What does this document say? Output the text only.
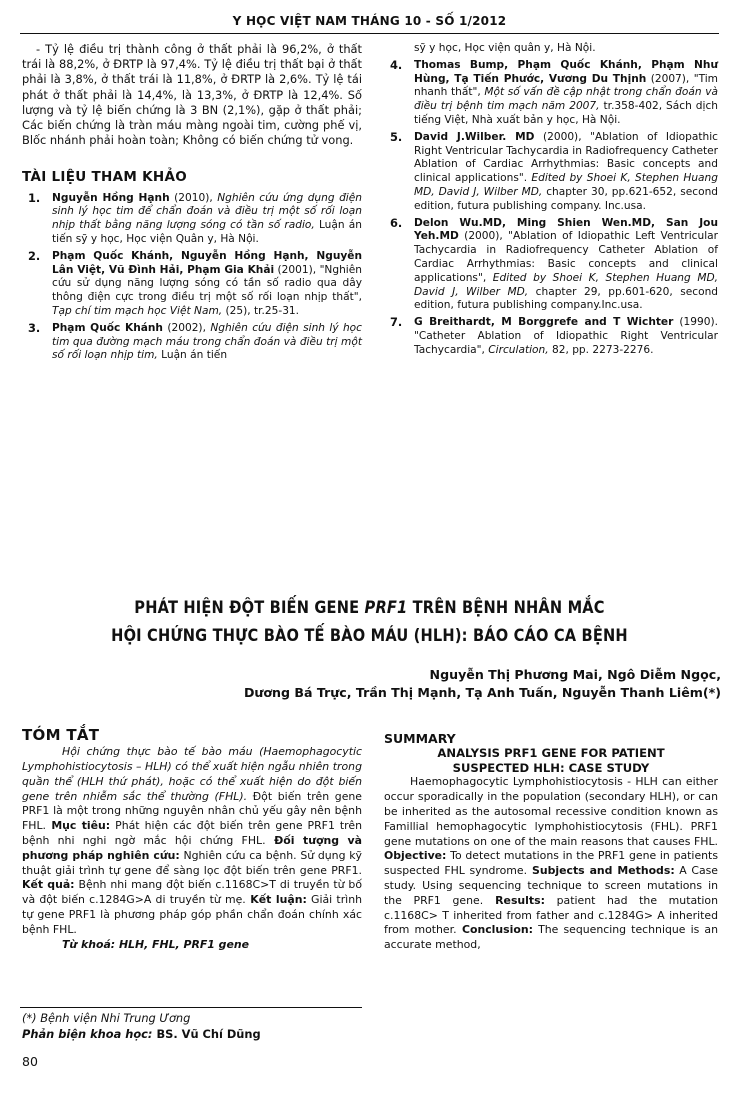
Y HỌC VIỆT NAM THÁNG 10 - SỐ 1/2012

- Tỷ lệ điều trị thành công ở thất phải là 96,2%, ở thất trái là 88,2%, ở ĐRTP là 97,4%. Tỷ lệ điều trị thất bại ở thất phải là 3,8%, ở thất trái là 11,8%, ở ĐRTP là 2,6%. Tỷ lệ tái phát ở thất phải là 14,4%, là 13,3%, ở ĐRTP là 12,4%. Số lượng và tỷ lệ biến chứng là 3 BN (2,1%), gặp ở thất phải; Các biến chứng là tràn máu màng ngoài tim, cường phế vị, Blốc nhánh phải hoàn toàn; Không có biến chứng tử vong.

TÀI LIỆU THAM KHẢO
1. Nguyễn Hồng Hạnh (2010), Nghiên cứu ứng dụng điện sinh lý học tim để chẩn đoán và điều trị một số rối loạn nhịp thất bằng năng lượng sóng có tần số radio, Luận án tiến sỹ y học, Học viện Quân y, Hà Nội.
2. Phạm Quốc Khánh, Nguyễn Hồng Hạnh, Nguyễn Lân Việt, Vũ Đình Hải, Phạm Gia Khải (2001), "Nghiên cứu sử dụng năng lượng sóng có tần số radio qua dây thông điện cực trong điều trị một số rối loạn nhịp thất", Tạp chí tim mạch học Việt Nam, (25), tr.25-31.
3. Phạm Quốc Khánh (2002), Nghiên cứu điện sinh lý học tim qua đường mạch máu trong chẩn đoán và điều trị một số rối loạn nhịp tim, Luận án tiến
sỹ y học, Học viện quân y, Hà Nội.
4. Thomas Bump, Phạm Quốc Khánh, Phạm Như Hùng, Tạ Tiến Phước, Vương Du Thịnh (2007), "Tim nhanh thất", Một số vấn đề cập nhật trong chẩn đoán và điều trị bệnh tim mạch năm 2007, tr.358-402, Sách dịch tiếng Việt, Nhà xuất bản y học, Hà Nội.
5. David J.Wilber. MD (2000), "Ablation of Idiopathic Right Ventricular Tachycardia in Radiofrequency Catheter Ablation of Cardiac Arrhythmias: Basic concepts and clinical applications". Edited by Shoei K, Stephen Huang MD, David J, Wilber MD, chapter 30, pp.621-652, second edition, futura publishing company. Inc.usa.
6. Delon Wu.MD, Ming Shien Wen.MD, San Jou Yeh.MD (2000), "Ablation of Idiopathic Left Ventricular Tachycardia in Radiofrequency Catheter Ablation of Cardiac Arrhythmias: Basic concepts and clinical applications", Edited by Shoei K, Stephen Huang MD, David J, Wilber MD, chapter 29, pp.601-620, second edition, futura publishing company.Inc.usa.
7. G Breithardt, M Borggrefe and T Wichter (1990). "Catheter Ablation of Idiopathic Right Ventricular Tachycardia", Circulation, 82, pp. 2273-2276.
PHÁT HIỆN ĐỘT BIẾN GENE PRF1 TRÊN BỆNH NHÂN MẮC
HỘI CHỨNG THỰC BÀO TẾ BÀO MÁU (HLH): BÁO CÁO CA BỆNH
Nguyễn Thị Phương Mai, Ngô Diễm Ngọc,
Dương Bá Trực, Trần Thị Mạnh, Tạ Anh Tuấn, Nguyễn Thanh Liêm(*)
TÓM TẮT

Hội chứng thực bào tế bào máu (Haemophagocytic Lymphohistiocytosis – HLH) có thể xuất hiện ngẫu nhiên trong quần thể (HLH thứ phát), hoặc có thể xuất hiện do đột biến gene trên nhiễm sắc thể thường (FHL). Đột biến trên gene PRF1 là một trong những nguyên nhân chủ yếu gây nên bệnh FHL. Mục tiêu: Phát hiện các đột biến trên gene PRF1 trên bệnh nhi nghi ngờ mắc hội chứng FHL. Đối tượng và phương pháp nghiên cứu: Nghiên cứu ca bệnh. Sử dụng kỹ thuật giải trình tự gene để sàng lọc đột biến trên gene PRF1. Kết quả: Bệnh nhi mang đột biến c.1168C>T di truyền từ bố và đột biến c.1284G>A di truyền từ mẹ. Kết luận: Giải trình tự gene PRF1 là phương pháp góp phần chẩn đoán chính xác bệnh FHL.

Từ khoá: HLH, FHL, PRF1 gene

SUMMARY
ANALYSIS PRF1 GENE FOR PATIENT
SUSPECTED HLH: CASE STUDY

Haemophagocytic Lymphohistiocytosis - HLH can either occur sporadically in the population (secondary HLH), or can be inherited as the autosomal recessive condition known as Famillial hemophagocytic lymphohistiocytosis (FHL). PRF1 gene mutations on one of the main reasons that causes FHL. Objective: To detect mutations in the PRF1 gene in patients suspected FHL syndrome. Subjects and Methods: A Case study. Using sequencing technique to screen mutations in the PRF1 gene. Results: patient had the mutation c.1168C> T inherited from father and c.1284G> A inherited from mother. Conclusion: The sequencing technique is an accurate method,

(*) Bệnh viện Nhi Trung Ương
Phản biện khoa học: BS. Vũ Chí Dũng
80
